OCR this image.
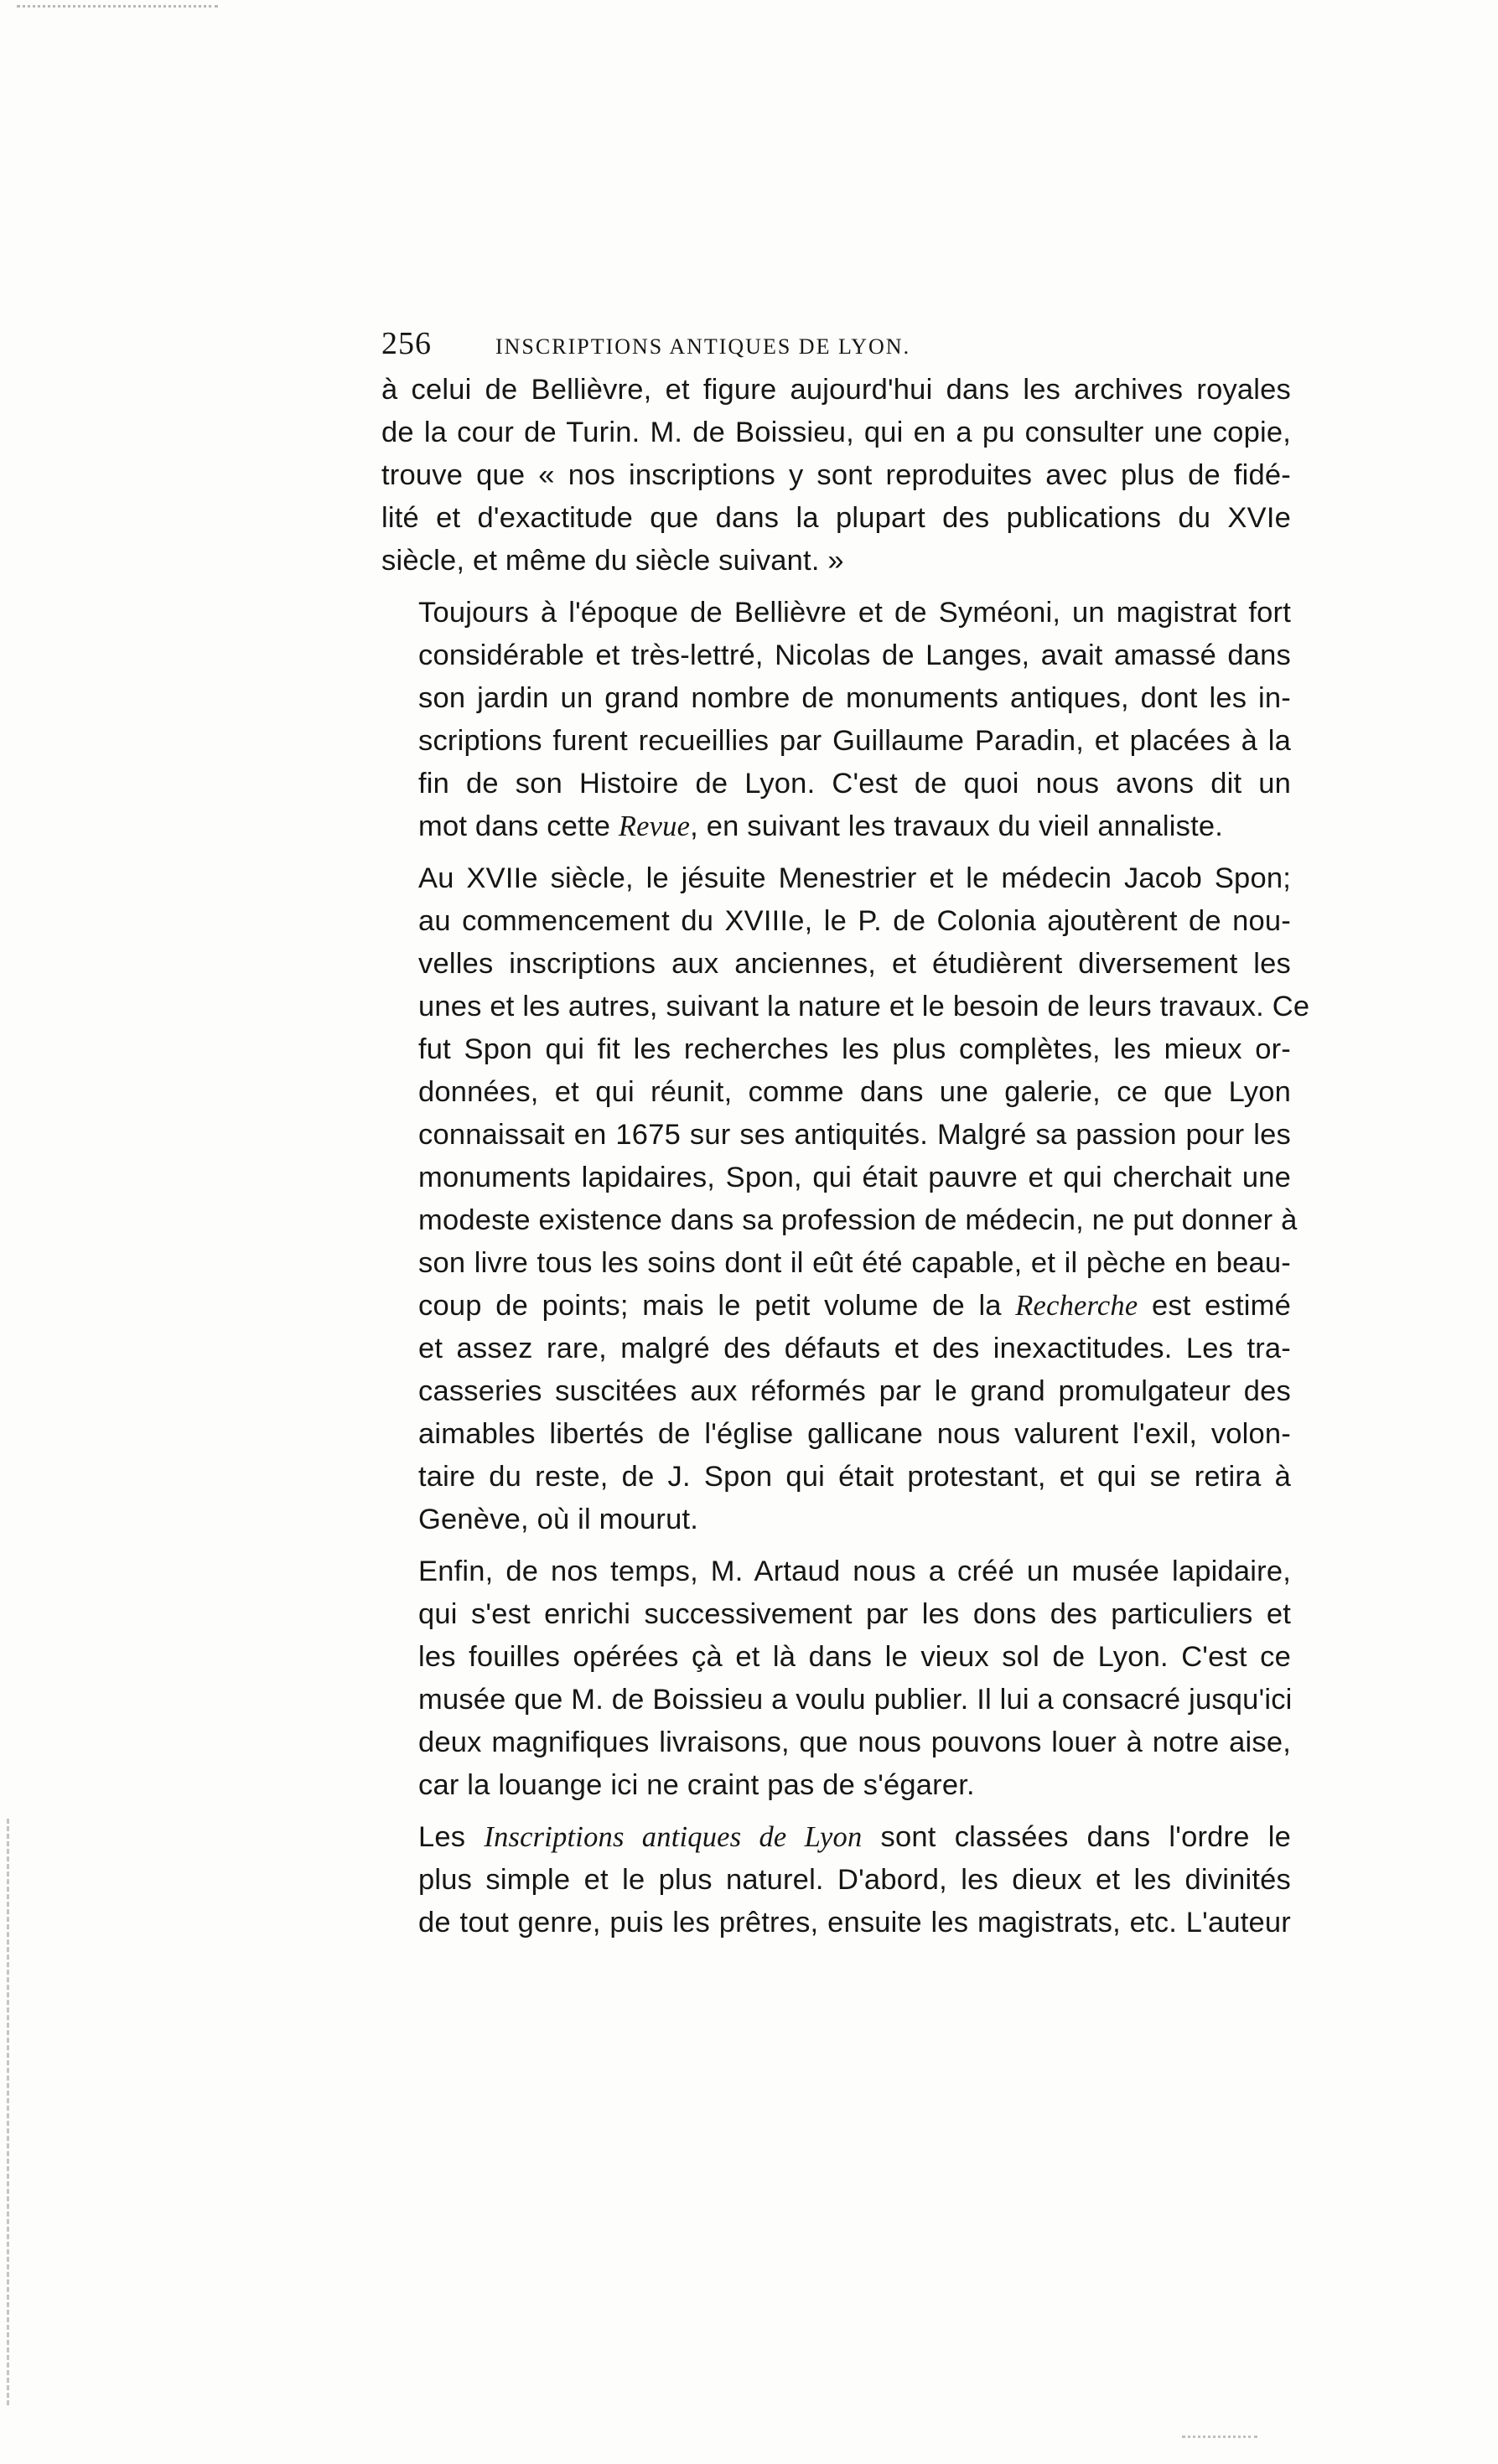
256	INSCRIPTIONS ANTIQUES DE LYON.

à celui de Bellièvre, et figure aujourd'hui dans les archives royales
de la cour de Turin. M. de Boissieu, qui en a pu consulter une copie,
trouve que « nos inscriptions y sont reproduites avec plus de fidé-
lité et d'exactitude que dans la plupart des publications du XVIe
siècle, et même du siècle suivant. »

Toujours à l'époque de Bellièvre et de Syméoni, un magistrat fort
considérable et très-lettré, Nicolas de Langes, avait amassé dans
son jardin un grand nombre de monuments antiques, dont les in-
scriptions furent recueillies par Guillaume Paradin, et placées à la
fin de son Histoire de Lyon. C'est de quoi nous avons dit un
mot dans cette Revue, en suivant les travaux du vieil annaliste.

Au XVIIe siècle, le jésuite Menestrier et le médecin Jacob Spon;
au commencement du XVIIIe, le P. de Colonia ajoutèrent de nou-
velles inscriptions aux anciennes, et étudièrent diversement les
unes et les autres, suivant la nature et le besoin de leurs travaux. Ce
fut Spon qui fit les recherches les plus complètes, les mieux or-
données, et qui réunit, comme dans une galerie, ce que Lyon
connaissait en 1675 sur ses antiquités. Malgré sa passion pour les
monuments lapidaires, Spon, qui était pauvre et qui cherchait une
modeste existence dans sa profession de médecin, ne put donner à
son livre tous les soins dont il eût été capable, et il pèche en beau-
coup de points; mais le petit volume de la Recherche est estimé
et assez rare, malgré des défauts et des inexactitudes. Les tra-
casseries suscitées aux réformés par le grand promulgateur des
aimables libertés de l'église gallicane nous valurent l'exil, volon-
taire du reste, de J. Spon qui était protestant, et qui se retira à
Genève, où il mourut.

Enfin, de nos temps, M. Artaud nous a créé un musée lapidaire,
qui s'est enrichi successivement par les dons des particuliers et
les fouilles opérées çà et là dans le vieux sol de Lyon. C'est ce
musée que M. de Boissieu a voulu publier. Il lui a consacré jusqu'ici
deux magnifiques livraisons, que nous pouvons louer à notre aise,
car la louange ici ne craint pas de s'égarer.

Les Inscriptions antiques de Lyon sont classées dans l'ordre le
plus simple et le plus naturel. D'abord, les dieux et les divinités
de tout genre, puis les prêtres, ensuite les magistrats, etc. L'auteur
